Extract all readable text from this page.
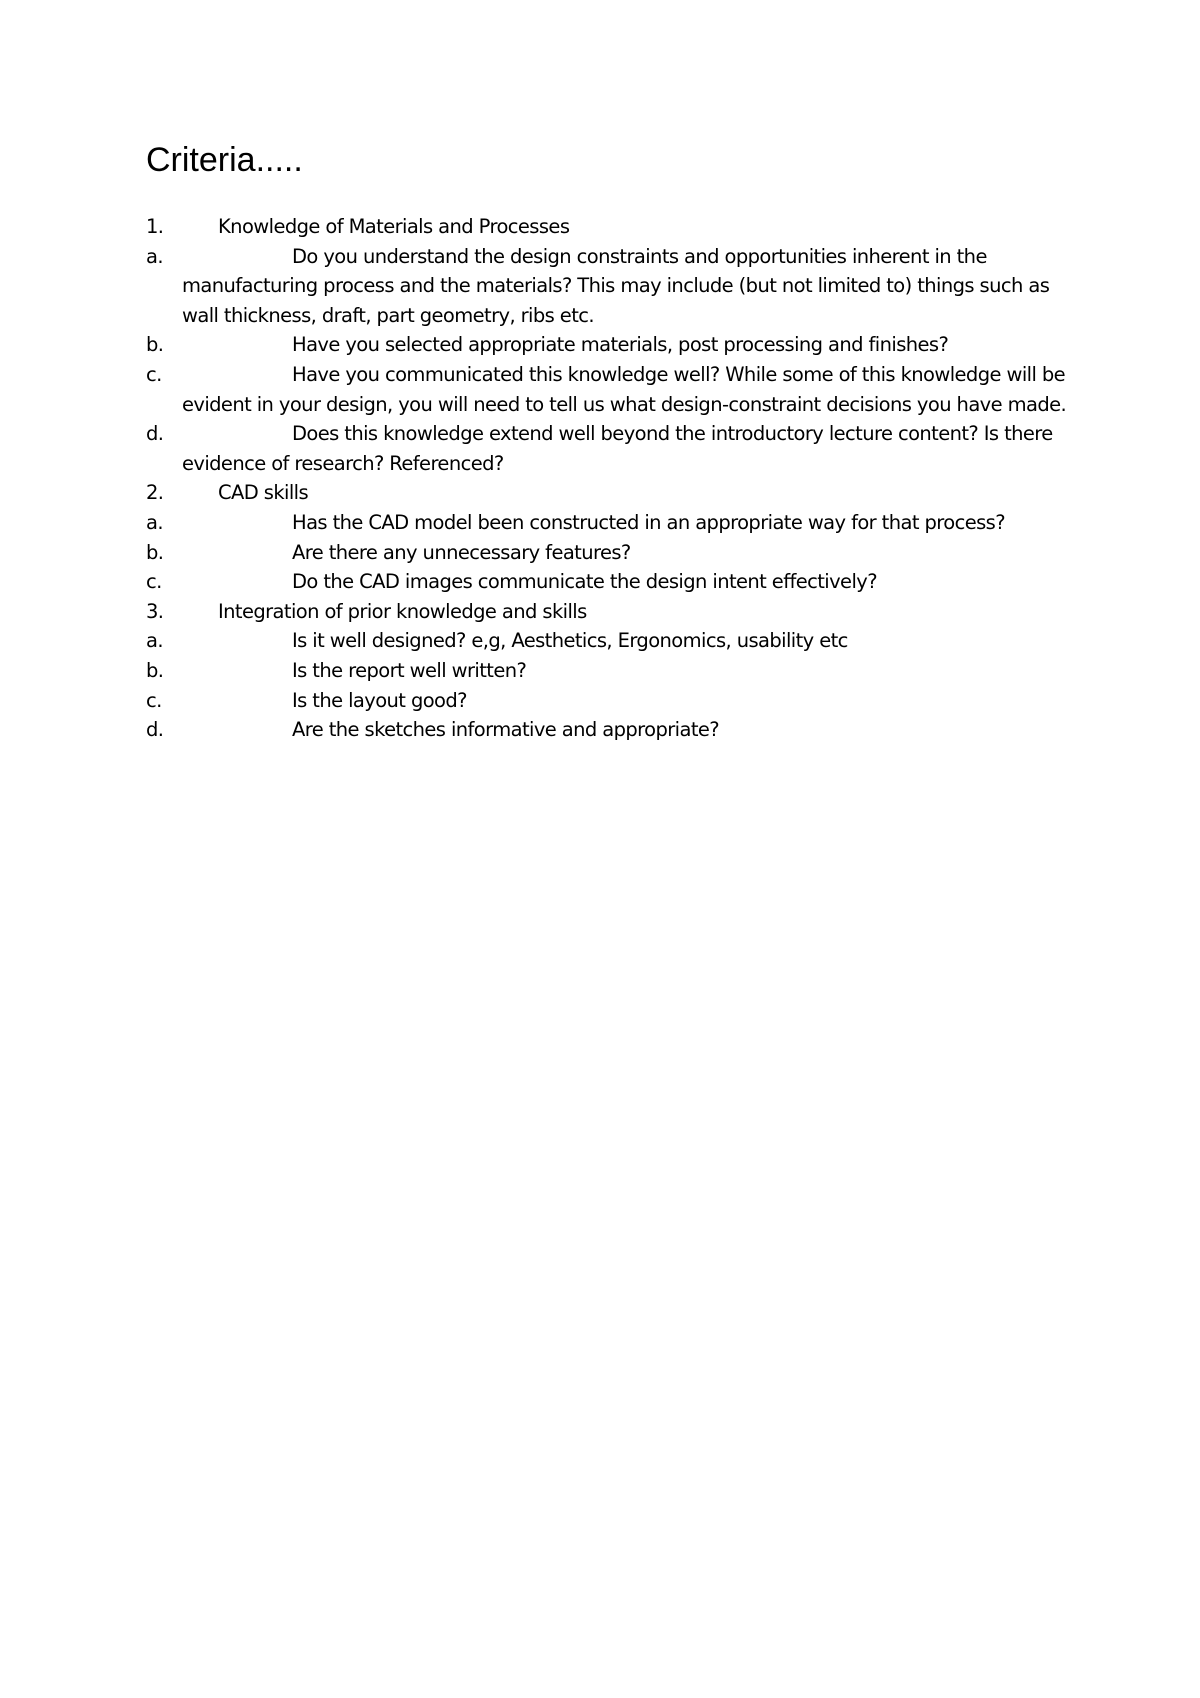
Criteria.....
1.	Knowledge of Materials and Processes
a.	Do you understand the design constraints and opportunities inherent in the manufacturing process and the materials? This may include (but not limited to) things such as wall thickness, draft, part geometry, ribs etc.
b.	Have you selected appropriate materials, post processing and finishes?
c.	Have you communicated this knowledge well? While some of this knowledge will be evident in your design, you will need to tell us what design-constraint decisions you have made.
d.	Does this knowledge extend well beyond the introductory lecture content? Is there evidence of research? Referenced?
2.	CAD skills
a.	Has the CAD model been constructed in an appropriate way for that process?
b.	Are there any unnecessary features?
c.	Do the CAD images communicate the design intent effectively?
3.	Integration of prior knowledge and skills
a.	Is it well designed? e,g, Aesthetics, Ergonomics, usability etc
b.	Is the report well written?
c.	Is the layout good?
d.	Are the sketches informative and appropriate?
